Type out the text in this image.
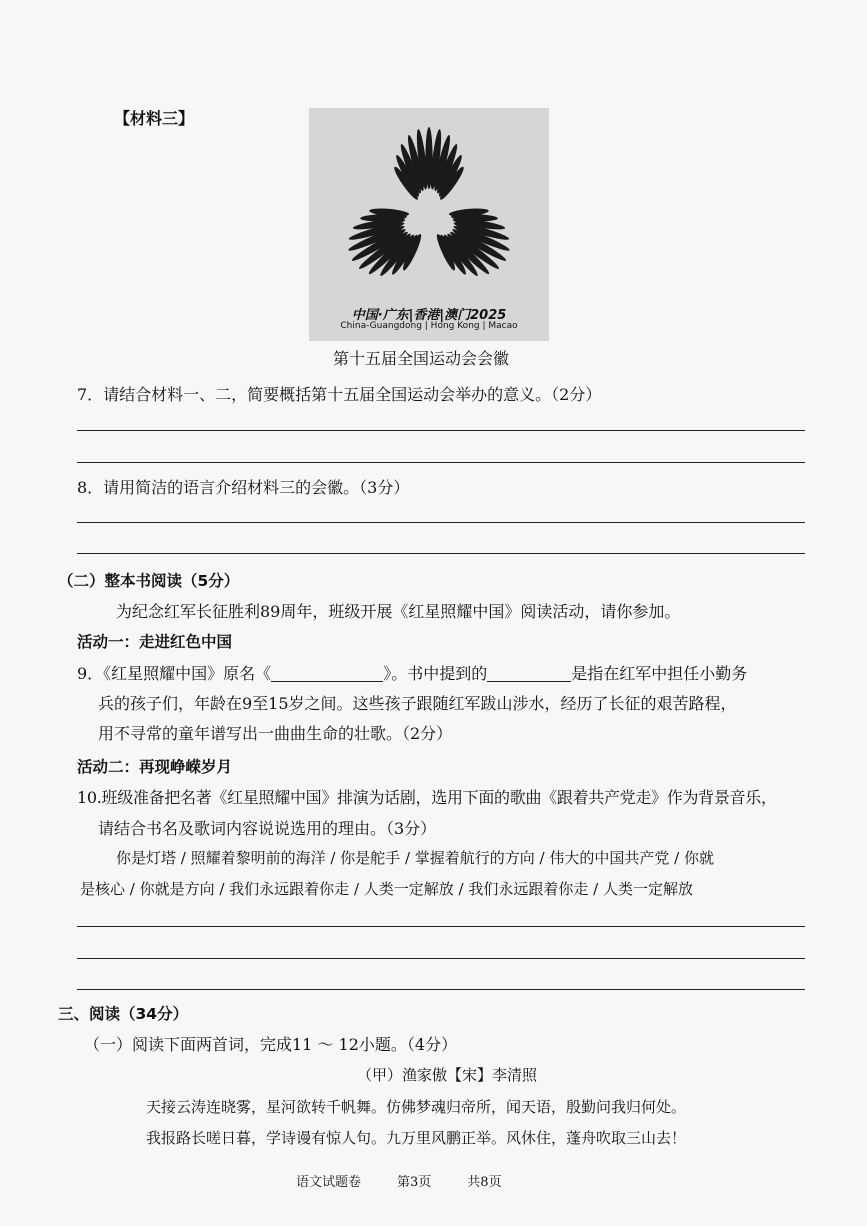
【材料三】
中国·广东|香港|澳门2025
China-Guangdong | Hong Kong | Macao
第十五届全国运动会会徽
7．请结合材料一、二，简要概括第十五届全国运动会举办的意义。（2分）
8．请用简洁的语言介绍材料三的会徽。（3分）
（二）整本书阅读（5分）
为纪念红军长征胜利89周年，班级开展《红星照耀中国》阅读活动，请你参加。
活动一：走进红色中国
9．《红星照耀中国》原名《	》。书中提到的	是指在红军中担任小勤务
兵的孩子们，年龄在9至15岁之间。这些孩子跟随红军跋山涉水，经历了长征的艰苦路程，
用不寻常的童年谱写出一曲曲生命的壮歌。（2分）
活动二：再现峥嵘岁月
10.班级准备把名著《红星照耀中国》排演为话剧，选用下面的歌曲《跟着共产党走》作为背景音乐，
请结合书名及歌词内容说说选用的理由。（3分）
你是灯塔 / 照耀着黎明前的海洋 / 你是舵手 / 掌握着航行的方向 / 伟大的中国共产党 / 你就
是核心 / 你就是方向 / 我们永远跟着你走 / 人类一定解放 / 我们永远跟着你走 / 人类一定解放
三、阅读（34分）
（一）阅读下面两首词，完成11 ～ 12小题。（4分）
（甲）渔家傲【宋】李清照
天接云涛连晓雾，星河欲转千帆舞。仿佛梦魂归帝所，闻天语，殷勤问我归何处。
我报路长嗟日暮，学诗谩有惊人句。九万里风鹏正举。风休住，蓬舟吹取三山去！
语文试题卷	第3页	共8页
